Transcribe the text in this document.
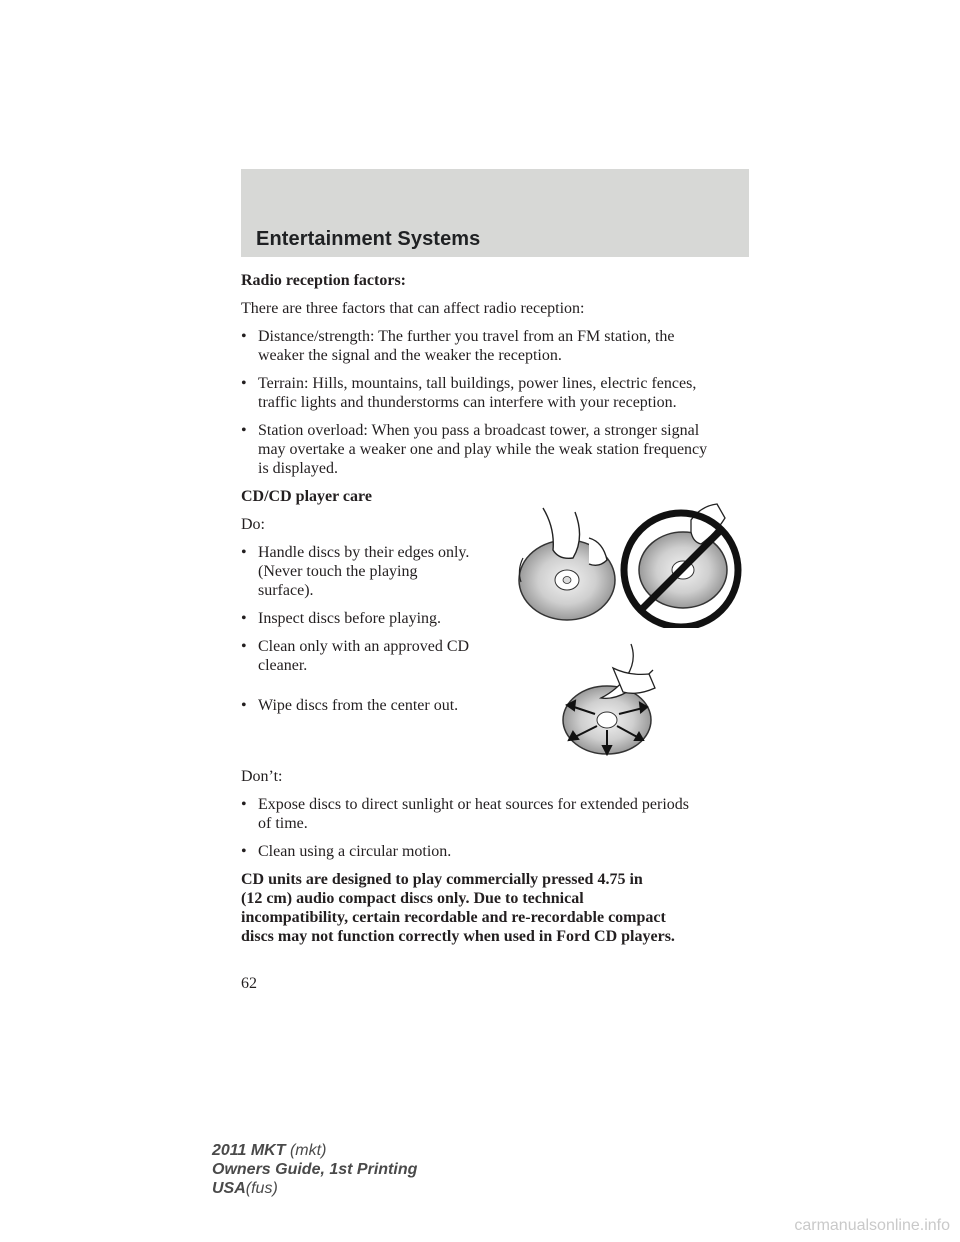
Entertainment Systems
Radio reception factors:
There are three factors that can affect radio reception:
• Distance/strength: The further you travel from an FM station, the
weaker the signal and the weaker the reception.
• Terrain: Hills, mountains, tall buildings, power lines, electric fences,
traffic lights and thunderstorms can interfere with your reception.
• Station overload: When you pass a broadcast tower, a stronger signal
may overtake a weaker one and play while the weak station frequency
is displayed.
CD/CD player care
Do:
• Handle discs by their edges only.
(Never touch the playing
surface).
• Inspect discs before playing.
• Clean only with an approved CD
cleaner.
• Wipe discs from the center out.
Don’t:
• Expose discs to direct sunlight or heat sources for extended periods
of time.
• Clean using a circular motion.
CD units are designed to play commercially pressed 4.75 in
(12 cm) audio compact discs only. Due to technical
incompatibility, certain recordable and re-recordable compact
discs may not function correctly when used in Ford CD players.
62
2011 MKT (mkt)
Owners Guide, 1st Printing
USA(fus)
carmanualsonline.info
